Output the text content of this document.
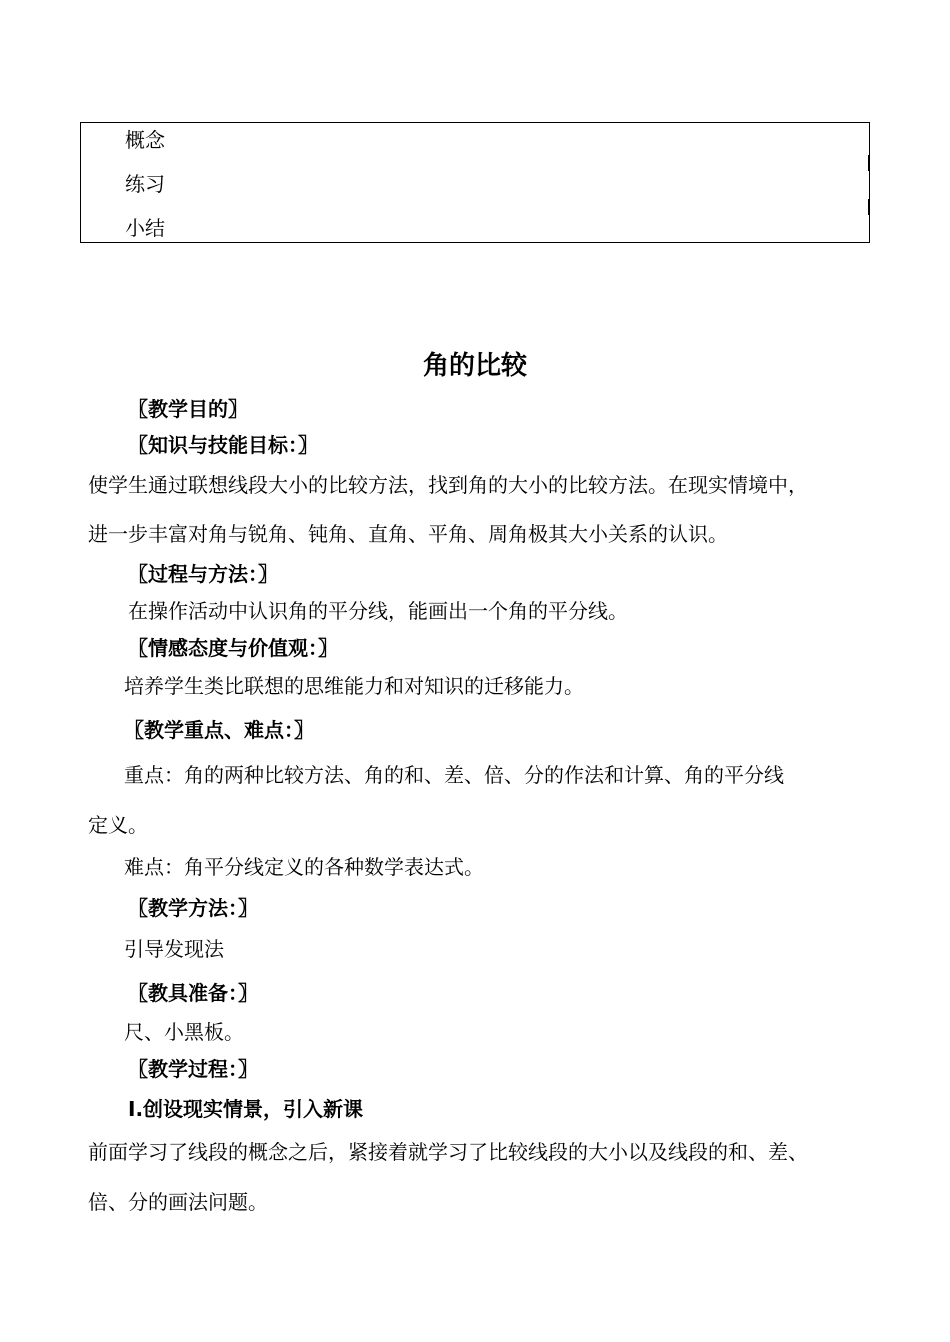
概念
练习
小结
角的比较
〖教学目的〗
〖知识与技能目标：〗
使学生通过联想线段大小的比较方法，找到角的大小的比较方法。在现实情境中，
进一步丰富对角与锐角、钝角、直角、平角、周角极其大小关系的认识。
〖过程与方法：〗
在操作活动中认识角的平分线，能画出一个角的平分线。
〖情感态度与价值观：〗
培养学生类比联想的思维能力和对知识的迁移能力。
〖教学重点、难点：〗
重点：角的两种比较方法、角的和、差、倍、分的作法和计算、角的平分线
定义。
难点：角平分线定义的各种数学表达式。
〖教学方法：〗
引导发现法
〖教具准备：〗
尺、小黑板。
〖教学过程：〗
Ⅰ.创设现实情景，引入新课
前面学习了线段的概念之后，紧接着就学习了比较线段的大小以及线段的和、差、
倍、分的画法问题。
